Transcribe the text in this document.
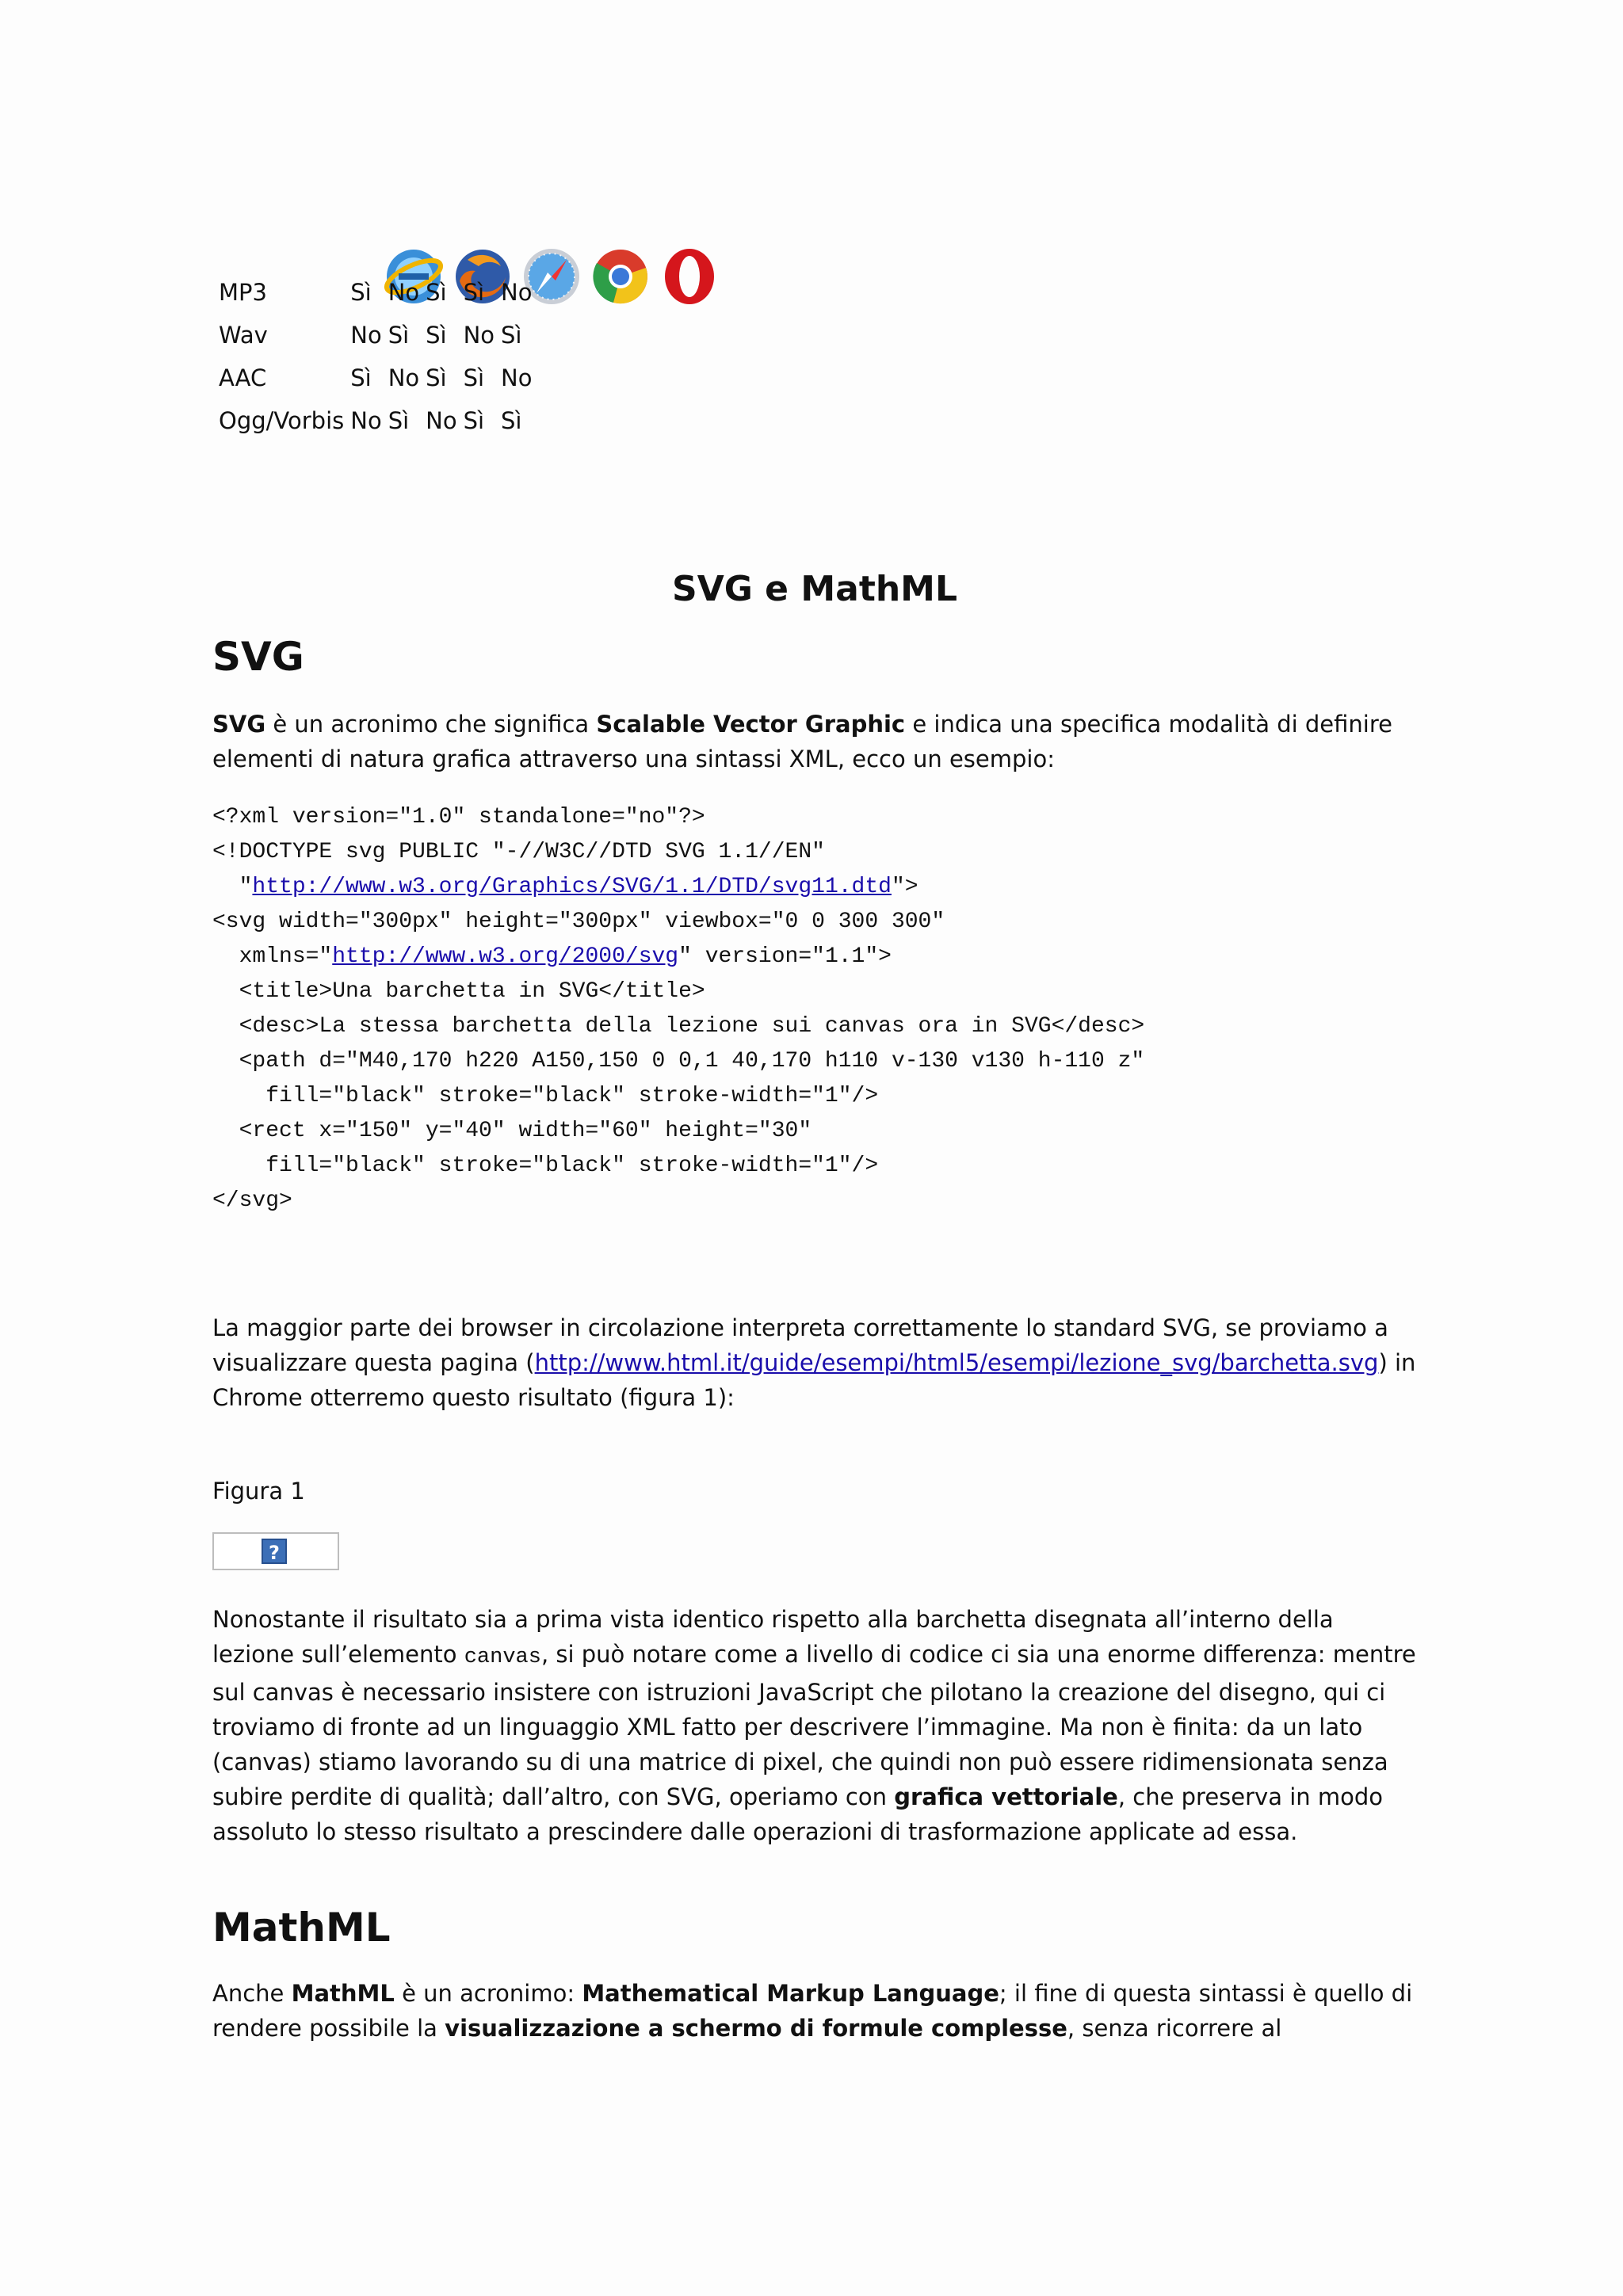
MP3	Sì	No	Sì	Sì	No
Wav	No	Sì	Sì	No	Sì
AAC	Sì	No	Sì	Sì	No
Ogg/Vorbis	No	Sì	No	Sì	Sì
SVG e MathML
SVG

SVG è un acronimo che significa Scalable Vector Graphic e indica una specifica modalità di definire elementi di natura grafica attraverso una sintassi XML, ecco un esempio:

<?xml version="1.0" standalone="no"?>
<!DOCTYPE svg PUBLIC "-//W3C//DTD SVG 1.1//EN"
"http://www.w3.org/Graphics/SVG/1.1/DTD/svg11.dtd">
<svg width="300px" height="300px" viewbox="0 0 300 300"
xmlns="http://www.w3.org/2000/svg" version="1.1">
<title>Una barchetta in SVG</title>
<desc>La stessa barchetta della lezione sui canvas ora in SVG</desc>
<path d="M40,170 h220 A150,150 0 0,1 40,170 h110 v-130 v130 h-110 z"
fill="black" stroke="black" stroke-width="1"/>
<rect x="150" y="40" width="60" height="30"
fill="black" stroke="black" stroke-width="1"/>
</svg>

La maggior parte dei browser in circolazione interpreta correttamente lo standard SVG, se proviamo a visualizzare questa pagina (http://www.html.it/guide/esempi/html5/esempi/lezione_svg/barchetta.svg) in Chrome otterremo questo risultato (figura 1):

Figura 1

?

Nonostante il risultato sia a prima vista identico rispetto alla barchetta disegnata all’interno della lezione sull’elemento canvas, si può notare come a livello di codice ci sia una enorme differenza: mentre sul canvas è necessario insistere con istruzioni JavaScript che pilotano la creazione del disegno, qui ci troviamo di fronte ad un linguaggio XML fatto per descrivere l’immagine. Ma non è finita: da un lato (canvas) stiamo lavorando su di una matrice di pixel, che quindi non può essere ridimensionata senza subire perdite di qualità; dall’altro, con SVG, operiamo con grafica vettoriale, che preserva in modo assoluto lo stesso risultato a prescindere dalle operazioni di trasformazione applicate ad essa.

MathML

Anche MathML è un acronimo: Mathematical Markup Language; il fine di questa sintassi è quello di rendere possibile la visualizzazione a schermo di formule complesse, senza ricorrere al
